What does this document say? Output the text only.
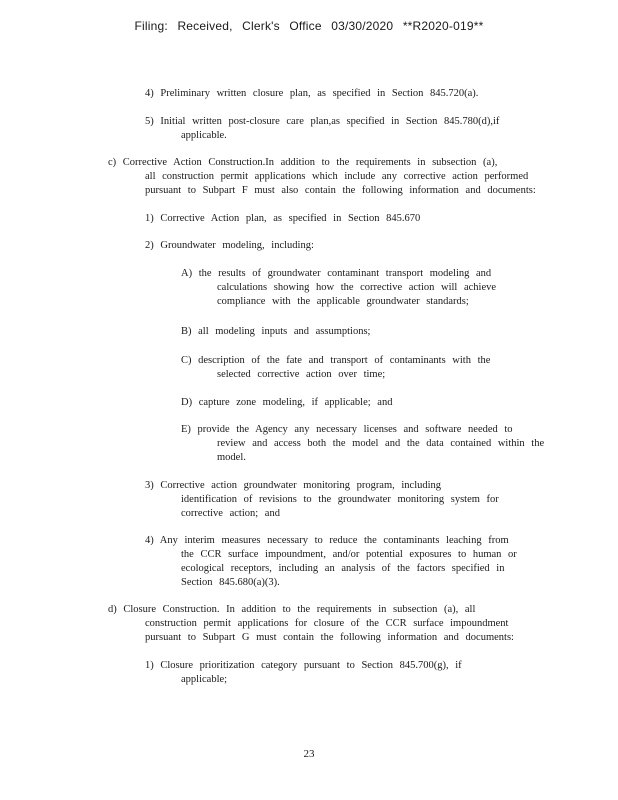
Filing: Received, Clerk's Office 03/30/2020 **R2020-019**
4) Preliminary written closure plan, as specified in Section 845.720(a).
5) Initial written post-closure care plan,as specified in Section 845.780(d),if
applicable.
c) Corrective Action Construction.In addition to the requirements in subsection (a),
all construction permit applications which include any corrective action performed
pursuant to Subpart F must also contain the following information and documents:
1) Corrective Action plan, as specified in Section 845.670
2) Groundwater modeling, including:
A) the results of groundwater contaminant transport modeling and
calculations showing how the corrective action will achieve
compliance with the applicable groundwater standards;
B) all modeling inputs and assumptions;
C) description of the fate and transport of contaminants with the
selected corrective action over time;
D) capture zone modeling, if applicable; and
E) provide the Agency any necessary licenses and software needed to
review and access both the model and the data contained within the
model.
3) Corrective action groundwater monitoring program, including
identification of revisions to the groundwater monitoring system for
corrective action; and
4) Any interim measures necessary to reduce the contaminants leaching from
the CCR surface impoundment, and/or potential exposures to human or
ecological receptors, including an analysis of the factors specified in
Section 845.680(a)(3).
d) Closure Construction. In addition to the requirements in subsection (a), all
construction permit applications for closure of the CCR surface impoundment
pursuant to Subpart G must contain the following information and documents:
1) Closure prioritization category pursuant to Section 845.700(g), if
applicable;
23
